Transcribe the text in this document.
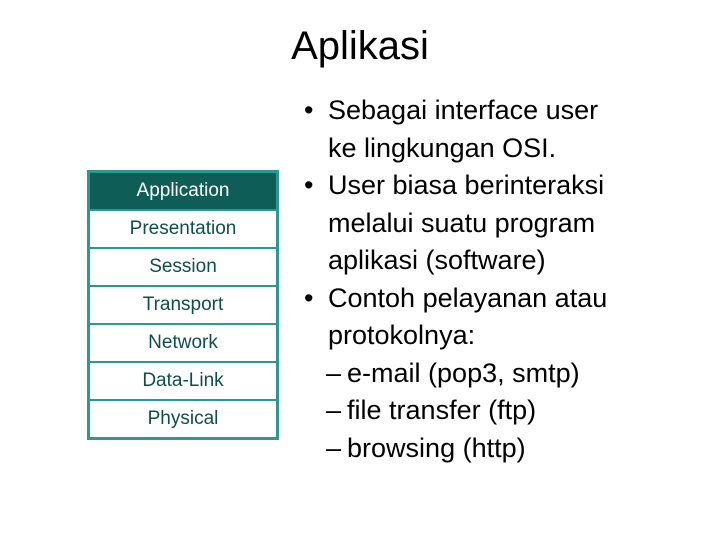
Aplikasi
Application
Presentation
Session
Transport
Network
Data-Link
Physical
• Sebagai interface user
ke lingkungan OSI.
• User biasa berinteraksi
melalui suatu program
aplikasi (software)
• Contoh pelayanan atau
protokolnya:
– e-mail (pop3, smtp)
– file transfer (ftp)
– browsing (http)
